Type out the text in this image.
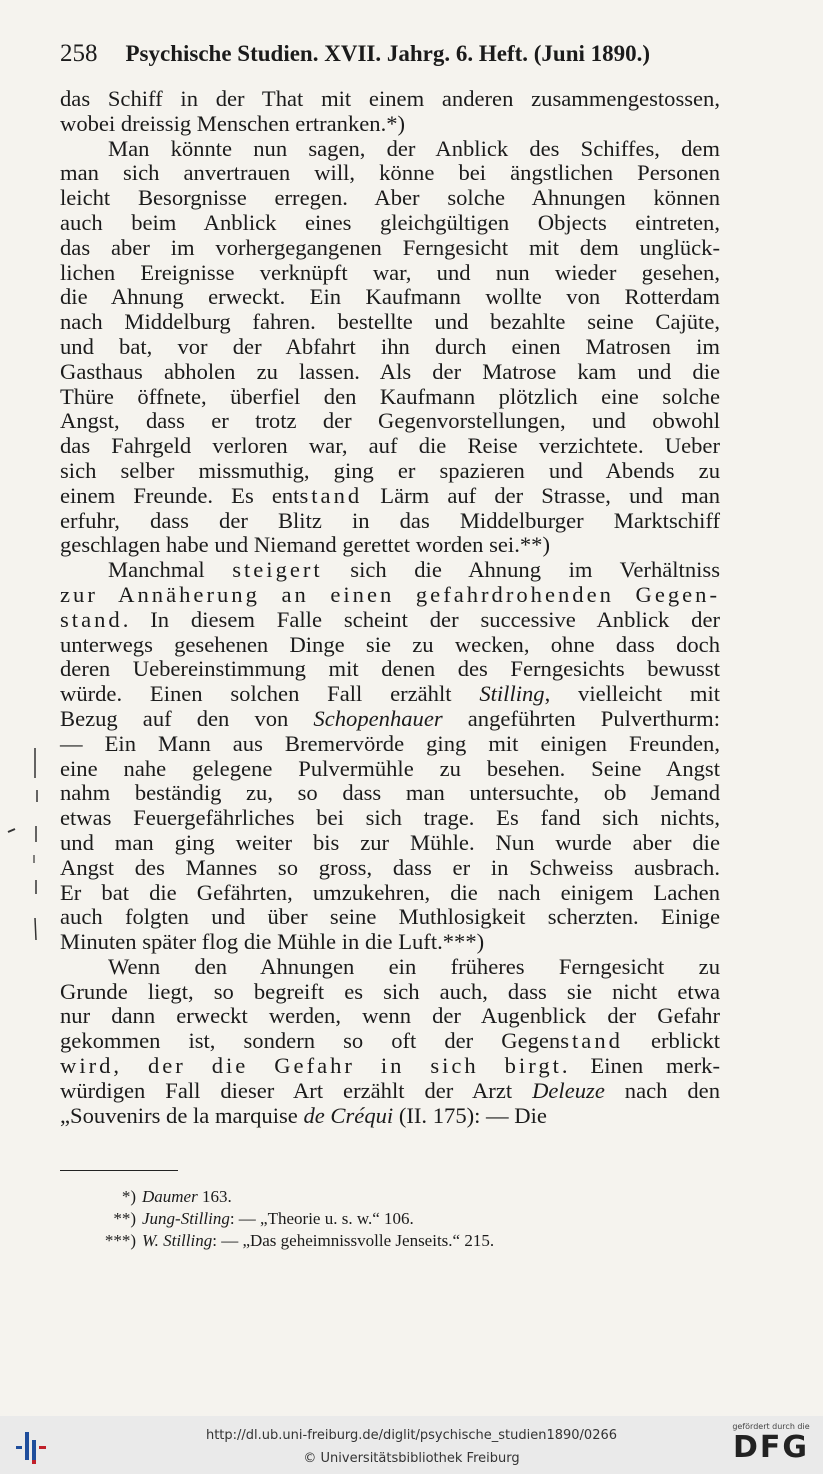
258 Psychische Studien. XVII. Jahrg. 6. Heft. (Juni 1890.)

das Schiff in der That mit einem anderen zusammengestossen,

wobei dreissig Menschen ertranken.*)

Man könnte nun sagen, der Anblick des Schiffes, dem

man sich anvertrauen will, könne bei ängstlichen Personen

leicht Besorgnisse erregen. Aber solche Ahnungen können

auch beim Anblick eines gleichgültigen Objects eintreten,

das aber im vorhergegangenen Ferngesicht mit dem unglück-

lichen Ereignisse verknüpft war, und nun wieder gesehen,

die Ahnung erweckt. Ein Kaufmann wollte von Rotterdam

nach Middelburg fahren. bestellte und bezahlte seine Cajüte,

und bat, vor der Abfahrt ihn durch einen Matrosen im

Gasthaus abholen zu lassen. Als der Matrose kam und die

Thüre öffnete, überfiel den Kaufmann plötzlich eine solche

Angst, dass er trotz der Gegenvorstellungen, und obwohl

das Fahrgeld verloren war, auf die Reise verzichtete. Ueber

sich selber missmuthig, ging er spazieren und Abends zu

einem Freunde. Es entstand Lärm auf der Strasse, und man

erfuhr, dass der Blitz in das Middelburger Marktschiff

geschlagen habe und Niemand gerettet worden sei.**)

Manchmal steigert sich die Ahnung im Verhältniss

zur Annäherung an einen gefahrdrohenden Gegen-

stand. In diesem Falle scheint der successive Anblick der

unterwegs gesehenen Dinge sie zu wecken, ohne dass doch

deren Uebereinstimmung mit denen des Ferngesichts bewusst

würde. Einen solchen Fall erzählt Stilling, vielleicht mit

Bezug auf den von Schopenhauer angeführten Pulverthurm:

— Ein Mann aus Bremervörde ging mit einigen Freunden,

eine nahe gelegene Pulvermühle zu besehen. Seine Angst

nahm beständig zu, so dass man untersuchte, ob Jemand

etwas Feuergefährliches bei sich trage. Es fand sich nichts,

und man ging weiter bis zur Mühle. Nun wurde aber die

Angst des Mannes so gross, dass er in Schweiss ausbrach.

Er bat die Gefährten, umzukehren, die nach einigem Lachen

auch folgten und über seine Muthlosigkeit scherzten. Einige

Minuten später flog die Mühle in die Luft.***)

Wenn den Ahnungen ein früheres Ferngesicht zu

Grunde liegt, so begreift es sich auch, dass sie nicht etwa

nur dann erweckt werden, wenn der Augenblick der Gefahr

gekommen ist, sondern so oft der Gegenstand erblickt

wird, der die Gefahr in sich birgt. Einen merk-

würdigen Fall dieser Art erzählt der Arzt Deleuze nach den

„Souvenirs de la marquise de Créqui (II. 175): — Die

*) Daumer 163.
**) Jung-Stilling: — „Theorie u. s. w.“ 106.
***) W. Stilling: — „Das geheimnissvolle Jenseits.“ 215.
http://dl.ub.uni-freiburg.de/diglit/psychische_studien1890/0266
© Universitätsbibliothek Freiburg
gefördert durch die
DFG
